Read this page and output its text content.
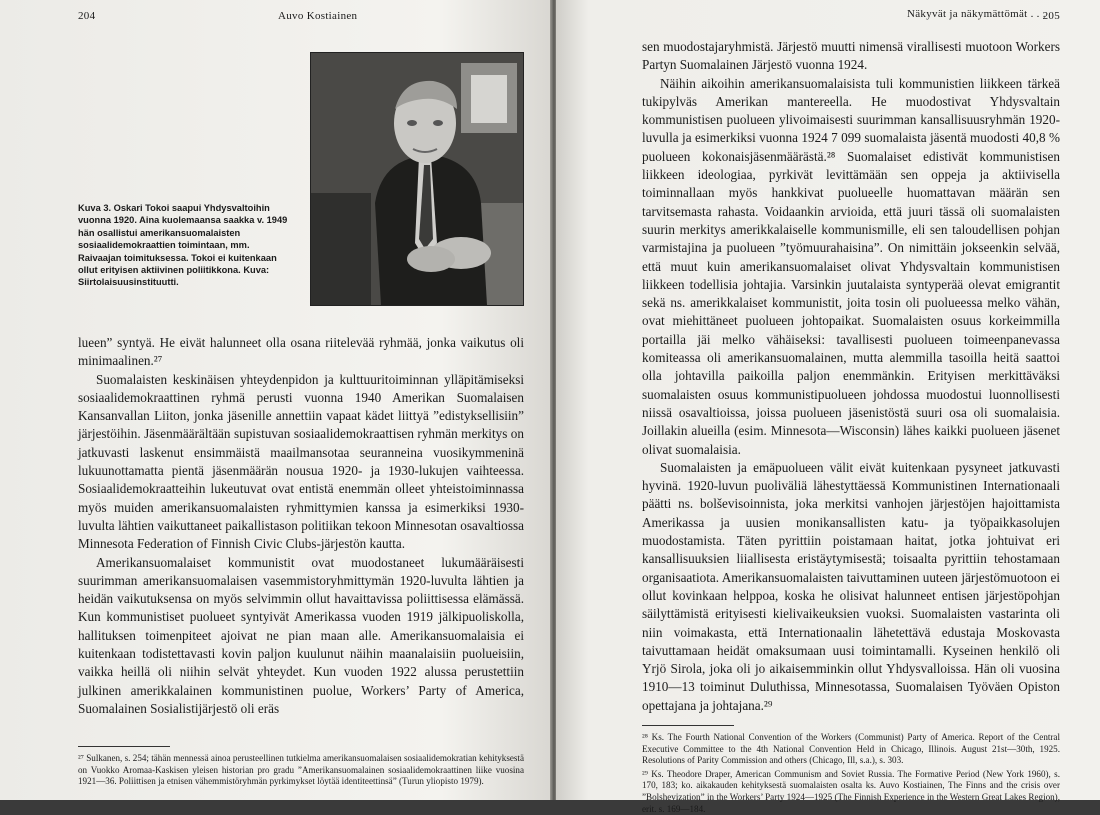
204	Auvo Kostiainen
Kuva 3. Oskari Tokoi saapui Yhdysvaltoihin vuonna 1920. Aina kuolemaansa saakka v. 1949 hän osallistui amerikansuomalaisten sosiaalidemokraattien toimintaan, mm. Raivaajan toimituksessa. Tokoi ei kuitenkaan ollut erityisen aktiivinen poliitikkona. Kuva: Siirtolaisuusinstituutti.

lueen” syntyä. He eivät halunneet olla osana riitelevää ryhmää, jonka vaikutus oli minimaalinen.²⁷

Suomalaisten keskinäisen yhteydenpidon ja kulttuuritoiminnan ylläpitämiseksi sosiaalidemokraattinen ryhmä perusti vuonna 1940 Amerikan Suomalaisen Kansanvallan Liiton, jonka jäsenille annettiin vapaat kädet liittyä ”edistyksellisiin” järjestöihin. Jäsenmäärältään supistuvan sosiaalidemokraattisen ryhmän merkitys on jatkuvasti laskenut ensimmäistä maailmansotaa seuranneina vuosikymmeninä lukuunottamatta pientä jäsenmäärän nousua 1920- ja 1930-lukujen vaihteessa. Sosiaalidemokraatteihin lukeutuvat ovat entistä enemmän olleet yhteistoiminnassa myös muiden amerikansuomalaisten ryhmittymien kanssa ja esimerkiksi 1930-luvulta lähtien vaikuttaneet paikallistason politiikan tekoon Minnesotan osavaltiossa Minnesota Federation of Finnish Civic Clubs-järjestön kautta.

Amerikansuomalaiset kommunistit ovat muodostaneet lukumääräisesti suurimman amerikansuomalaisen vasemmistoryhmittymän 1920-luvulta lähtien ja heidän vaikutuksensa on myös selvimmin ollut havaittavissa poliittisessa elämässä. Kun kommunistiset puolueet syntyivät Amerikassa vuoden 1919 jälkipuoliskolla, hallituksen toimenpiteet ajoivat ne pian maan alle. Amerikansuomalaisia ei kuitenkaan todistettavasti kovin paljon kuulunut näihin maanalaisiin puolueisiin, vaikka heillä oli niihin selvät yhteydet. Kun vuoden 1922 alussa perustettiin julkinen amerikkalainen kommunistinen puolue, Workers’ Party of America, Suomalainen Sosialistijärjestö oli eräs

²⁷ Sulkanen, s. 254; tähän mennessä ainoa perusteellinen tutkielma amerikansuomalaisen sosiaalidemokratian kehityksestä on Vuokko Aromaa-Kaskisen yleisen historian pro gradu ”Amerikansuomalainen sosiaalidemokraattinen liike vuosina 1921—36. Poliittisen ja etnisen vähemmistöryhmän pyrkimykset löytää identiteettinsä” (Turun yliopisto 1979).

Näkyvät ja näkymättömät . . .
205

sen muodostajaryhmistä. Järjestö muutti nimensä virallisesti muotoon Workers Partyn Suomalainen Järjestö vuonna 1924.

Näihin aikoihin amerikansuomalaisista tuli kommunistien liikkeen tärkeä tukipylväs Amerikan mantereella. He muodostivat Yhdysvaltain kommunistisen puolueen ylivoimaisesti suurimman kansallisuusryhmän 1920-luvulla ja esimerkiksi vuonna 1924 7 099 suomalaista jäsentä muodosti 40,8 % puolueen kokonaisjäsenmäärästä.²⁸ Suomalaiset edistivät kommunistisen liikkeen ideologiaa, pyrkivät levittämään sen oppeja ja aktiivisella toiminnallaan myös hankkivat puolueelle huomattavan määrän sen tarvitsemasta rahasta. Voidaankin arvioida, että juuri tässä oli suomalaisten suurin merkitys amerikkalaiselle kommunismille, eli sen taloudellisen pohjan varmistajina ja puolueen ”työmuurahaisina”. On nimittäin jokseenkin selvää, että muut kuin amerikansuomalaiset olivat Yhdysvaltain kommunistisen liikkeen todellisia johtajia. Varsinkin juutalaista syntyperää olevat emigrantit sekä ns. amerikkalaiset kommunistit, joita tosin oli puolueessa melko vähän, ovat miehittäneet puolueen johtopaikat. Suomalaisten osuus korkeimmilla portailla jäi melko vähäiseksi: tavallisesti puolueen toimeenpanevassa komiteassa oli amerikansuomalainen, mutta alemmilla tasoilla heitä saattoi olla johtavilla paikoilla paljon enemmänkin. Erityisen merkittäväksi suomalaisten osuus kommunistipuolueen johdossa muodostui luonnollisesti niissä osavaltioissa, joissa puolueen jäsenistöstä suuri osa oli suomalaisia. Joillakin alueilla (esim. Minnesota—Wisconsin) lähes kaikki puolueen jäsenet olivat suomalaisia.

Suomalaisten ja emäpuolueen välit eivät kuitenkaan pysyneet jatkuvasti hyvinä. 1920-luvun puoliväliä lähestyttäessä Kommunistinen Internationaali päätti ns. bolševisoinnista, joka merkitsi vanhojen järjestöjen hajoittamista Amerikassa ja uusien monikansallisten katu- ja työpaikkasolujen muodostamista. Täten pyrittiin poistamaan haitat, jotka johtuivat eri kansallisuuksien liiallisesta eristäytymisestä; toisaalta pyrittiin tehostamaan organisaatiota. Amerikansuomalaisten taivuttaminen uuteen järjestömuotoon ei ollut kovinkaan helppoa, koska he olisivat halunneet entisen järjestöpohjan säilyttämistä erityisesti kielivaikeuksien vuoksi. Suomalaisten vastarinta oli niin voimakasta, että Internationaalin lähetettävä edustaja Moskovasta taivuttamaan heidät omaksumaan uusi toimintamalli. Kyseinen henkilö oli Yrjö Sirola, joka oli jo aikaisemminkin ollut Yhdysvalloissa. Hän oli vuosina 1910—13 toiminut Duluthissa, Minnesotassa, Suomalaisen Työväen Opiston opettajana ja johtajana.²⁹

²⁸ Ks. The Fourth National Convention of the Workers (Communist) Party of America. Report of the Central Executive Committee to the 4th National Convention Held in Chicago, Illinois. August 21st—30th, 1925. Resolutions of Parity Commission and others (Chicago, Ill, s.a.), s. 303.

²⁹ Ks. Theodore Draper, American Communism and Soviet Russia. The Formative Period (New York 1960), s. 170, 183; ko. aikakauden kehityksestä suomalaisten osalta ks. Auvo Kostiainen, The Finns and the crisis over ”Bolshevization” in the Workers’ Party 1924—1925 (The Finnish Experience in the Western Great Lakes Region), erit. s. 169—184.
